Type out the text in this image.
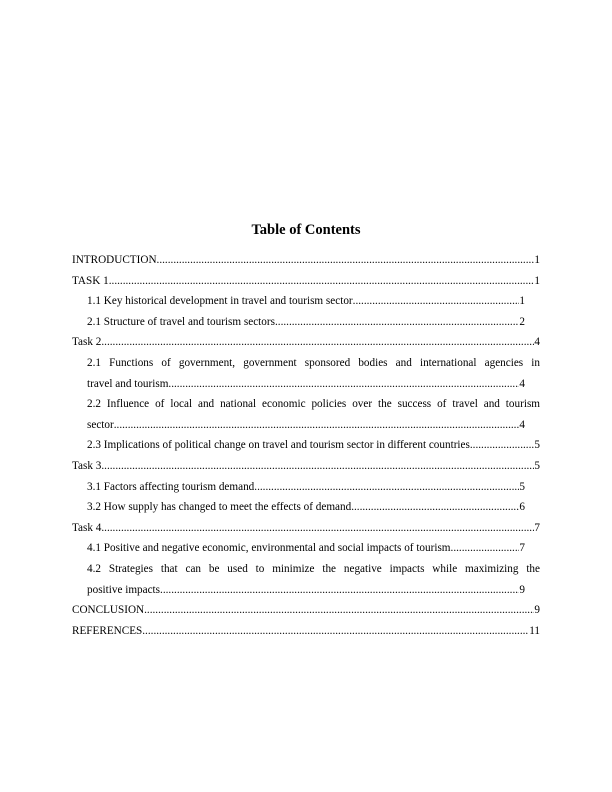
Table of Contents
INTRODUCTION .....	1
TASK 1 .....	1
1.1 Key historical development in travel and tourism sector .....	1
2.1 Structure of travel and tourism sectors .....	2
Task 2 .....	4
2.1 Functions of government, government sponsored bodies and international agencies in
travel and tourism .....	4
2.2 Influence of local and national economic policies over the success of travel and tourism
sector .....	4
2.3 Implications of political change on travel and tourism sector in different countries .....	5
Task 3 .....	5
3.1 Factors affecting tourism demand .....	5
3.2 How supply has changed to meet the effects of demand .....	6
Task 4 .....	7
4.1 Positive and negative economic, environmental and social impacts of tourism .....	7
4.2 Strategies that can be used to minimize the negative impacts while maximizing the
positive impacts .....	9
CONCLUSION .....	9
REFERENCES .....	11
